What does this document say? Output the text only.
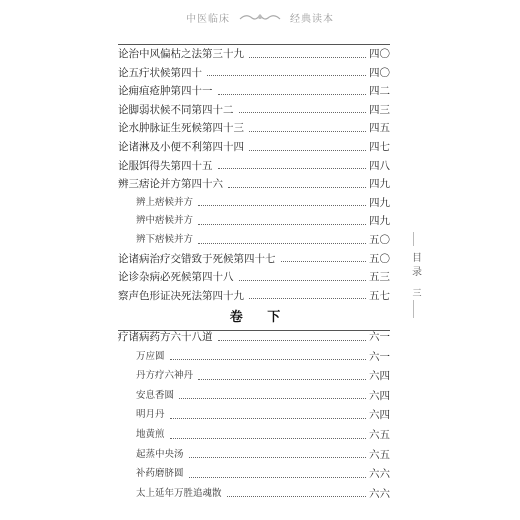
中医临床	经典读本
论治中风偏枯之法第三十九	四〇
论五疔状候第四十	四〇
论痈疽疮肿第四十一	四二
论脚弱状候不同第四十二	四三
论水肿脉证生死候第四十三	四五
论诸淋及小便不利第四十四	四七
论服饵得失第四十五	四八
辨三痞论并方第四十六	四九
辨上痞候并方	四九
辨中痞候并方	四九
辨下痞候并方	五〇
论诸病治疗交错致于死候第四十七	五〇
论诊杂病必死候第四十八	五三
察声色形证决死法第四十九	五七
卷 下
疗诸病药方六十八道	六一
万应圆	六一
丹方疗六神丹	六四
安息香圆	六四
明月丹	六四
地黄煎	六五
起蒸中央汤	六五
补药磨脐圆	六六
太上延年万胜追魂散	六六
目
录
三
